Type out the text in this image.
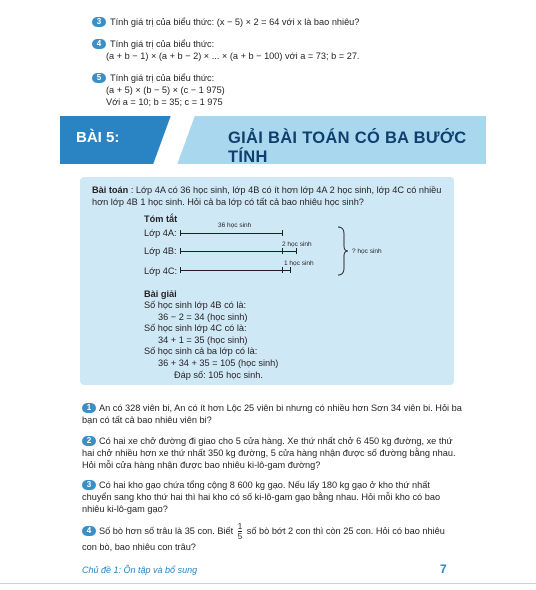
3 Tính giá trị của biểu thức: (x − 5) × 2 = 64 với x là bao nhiêu?
4 Tính giá trị của biểu thức:
(a + b − 1) × (a + b − 2) × ... × (a + b − 100) với a = 73; b = 27.
5 Tính giá trị của biểu thức:
(a + 5) × (b − 5) × (c − 1 975)
Với a = 10; b = 35; c = 1 975
BÀI 5:	GIẢI BÀI TOÁN CÓ BA BƯỚC TÍNH
Bài toán : Lớp 4A có 36 học sinh, lớp 4B có ít hơn lớp 4A 2 học sinh, lớp 4C có nhiều hơn lớp 4B 1 học sinh. Hỏi cả ba lớp có tất cả bao nhiêu học sinh?
Tóm tắt
Lớp 4A:
Lớp 4B:
Lớp 4C:
36 học sinh
2 học sinh
1 học sinh
? học sinh
Bài giải
Số học sinh lớp 4B có là:
36 − 2 = 34 (học sinh)
Số học sinh lớp 4C có là:
34 + 1 = 35 (học sinh)
Số học sinh cả ba lớp có là:
36 + 34 + 35 = 105 (học sinh)
Đáp số: 105 học sinh.
1 An có 328 viên bi, An có ít hơn Lộc 25 viên bi nhưng có nhiều hơn Sơn 34 viên bi. Hỏi ba bạn có tất cả bao nhiêu viên bi?
2 Có hai xe chở đường đi giao cho 5 cửa hàng. Xe thứ nhất chở 6 450 kg đường, xe thứ hai chở nhiều hơn xe thứ nhất 350 kg đường, 5 cửa hàng nhận được số đường bằng nhau. Hỏi mỗi cửa hàng nhận được bao nhiêu ki-lô-gam đường?
3 Có hai kho gạo chứa tổng cộng 8 600 kg gạo. Nếu lấy 180 kg gạo ở kho thứ nhất chuyển sang kho thứ hai thì hai kho có số ki-lô-gam gạo bằng nhau. Hỏi mỗi kho có bao nhiêu ki-lô-gam gạo?
4 Số bò hơn số trâu là 35 con. Biết $\frac{1}{5}$ số bò bớt 2 con thì còn 25 con. Hỏi có bao nhiêu con bò, bao nhiêu con trâu?
Chủ đề 1: Ôn tập và bổ sung	7
